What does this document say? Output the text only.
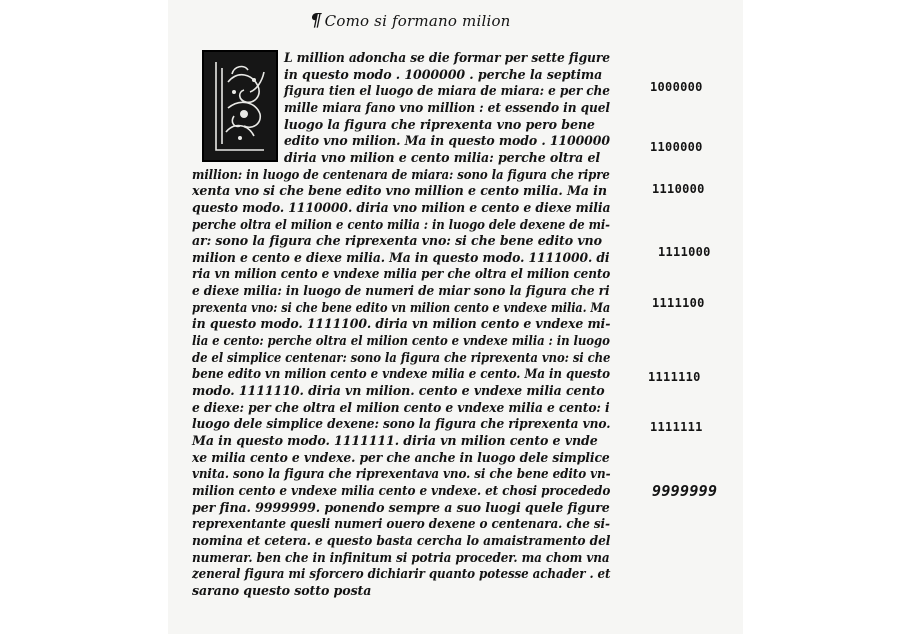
¶ Como si formano milion
L million adoncha se die formar per sette figure
in questo modo . 1000000 . perche la septima
figura tien el luogo de miara de miara: e per che
mille miara fano vno million : et essendo in quel
luogo la figura che riprexenta vno pero bene
edito vno milion. Ma in questo modo . 1100000
diria vno milion e cento milia: perche oltra el
million: in luogo de centenara de miara: sono la figura che ripre
xenta vno si che bene edito vno million e cento milia. Ma in
questo modo. 1110000. diria vno milion e cento e diexe milia
perche oltra el milion e cento milia : in luogo dele dexene de mi-
ar: sono la figura che riprexenta vno: si che bene edito vno
milion e cento e diexe milia. Ma in questo modo. 1111000. di
ria vn milion cento e vndexe milia per che oltra el milion cento
e diexe milia: in luogo de numeri de miar sono la figura che ri
prexenta vno: si che bene edito vn milion cento e vndexe milia. Ma
in questo modo. 1111100. diria vn milion cento e vndexe mi-
lia e cento: perche oltra el milion cento e vndexe milia : in luogo
de el simplice centenar: sono la figura che riprexenta vno: si che
bene edito vn milion cento e vndexe milia e cento. Ma in questo
modo. 1111110. diria vn milion. cento e vndexe milia cento
e diexe: per che oltra el milion cento e vndexe milia e cento: i
luogo dele simplice dexene: sono la figura che riprexenta vno.
Ma in questo modo. 1111111. diria vn milion cento e vnde
xe milia cento e vndexe. per che anche in luogo dele simplice
vnita. sono la figura che riprexentava vno. si che bene edito vn-
milion cento e vndexe milia cento e vndexe. et chosi procededo
per fina. 9999999. ponendo sempre a suo luogi quele figure
reprexentante quesli numeri ouero dexene o centenara. che si-
nomina et cetera. e questo basta cercha lo amaistramento del
numerar. ben che in infinitum si potria proceder. ma chom vna
zeneral figura mi sforcero dichiarir quanto potesse achader . et
sarano questo sotto posta
1000000
1100000
1110000
1111000
1111100
1111110
1111111
9999999
